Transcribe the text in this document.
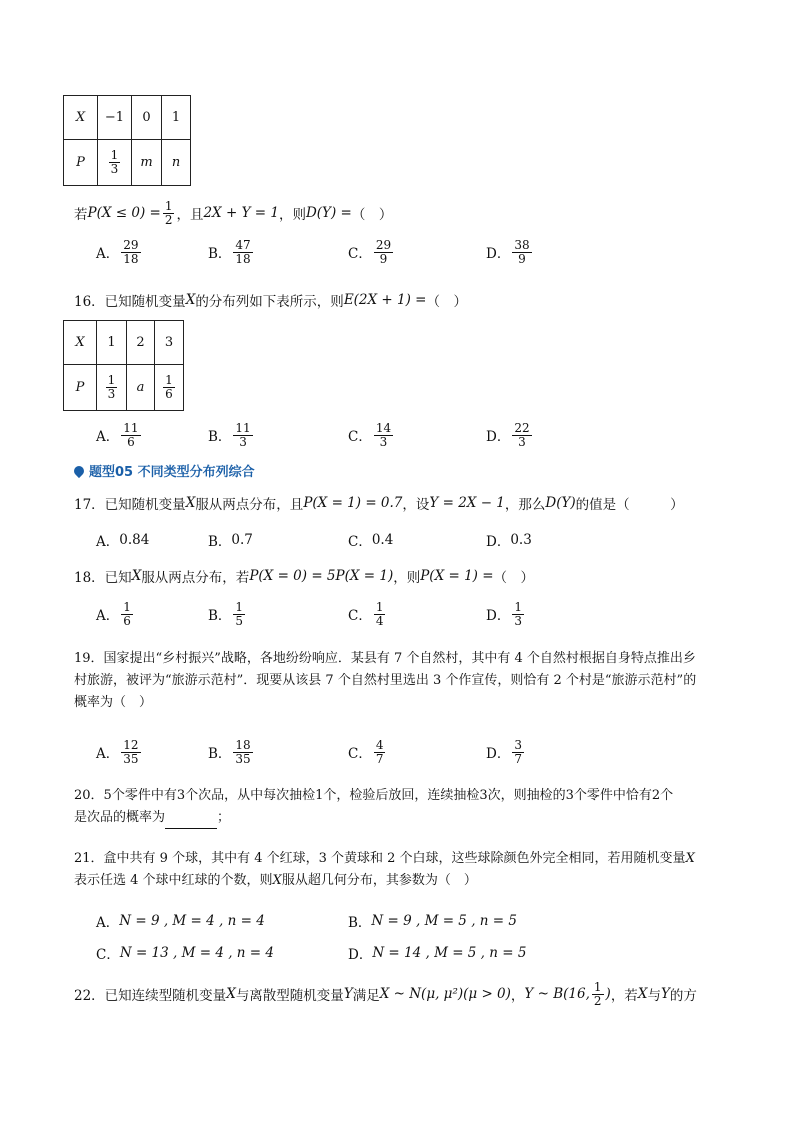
X	−1	0	1
P	$\frac{1}{3}$	m	n
若 $P(X \le 0) = \frac{1}{2}$ ，且 2X + Y = 1 ，则 D(Y) = （　）
A． $\frac{29}{18}$	B． $\frac{47}{18}$	C． $\frac{29}{9}$	D． $\frac{38}{9}$
16．已知随机变量 X 的分布列如下表所示，则 E(2X + 1) = （　）
X	1	2	3
P	$\frac{1}{3}$	a	$\frac{1}{6}$
A． $\frac{11}{6}$	B． $\frac{11}{3}$	C． $\frac{14}{3}$	D． $\frac{22}{3}$
题型05 不同类型分布列综合
17．已知随机变量 X 服从两点分布，且 P(X = 1) = 0.7 ，设 Y = 2X − 1 ，那么 D(Y) 的值是（　　　）
A． 0.84	B． 0.7	C． 0.4	D． 0.3
18．已知 X 服从两点分布，若 P(X = 0) = 5P(X = 1) ，则 P(X = 1) = （　）
A． $\frac{1}{6}$	B． $\frac{1}{5}$	C． $\frac{1}{4}$	D． $\frac{1}{3}$
19．国家提出“乡村振兴”战略，各地纷纷响应．某县有 7 个自然村，其中有 4 个自然村根据自身特点推出乡
村旅游，被评为“旅游示范村”．现要从该县 7 个自然村里选出 3 个作宣传，则恰有 2 个村是“旅游示范村”的
概率为（　）
A． $\frac{12}{35}$	B． $\frac{18}{35}$	C． $\frac{4}{7}$	D． $\frac{3}{7}$
20．5个零件中有3个次品，从中每次抽检1个，检验后放回，连续抽检3次，则抽检的3个零件中恰有2个
是次品的概率为	；
21．盒中共有 9 个球，其中有 4 个红球，3 个黄球和 2 个白球，这些球除颜色外完全相同，若用随机变量X
表示任选 4 个球中红球的个数，则X服从超几何分布，其参数为（　）
A． N = 9 , M = 4 , n = 4	B． N = 9 , M = 5 , n = 5
C． N = 13 , M = 4 , n = 4	D． N = 14 , M = 5 , n = 5
22．已知连续型随机变量 X 与离散型随机变量 Y 满足 X ~ N(μ, μ²)(μ > 0) ， Y ~ B(16, $\frac{1}{2}$ ) ，若 X 与 Y 的方
